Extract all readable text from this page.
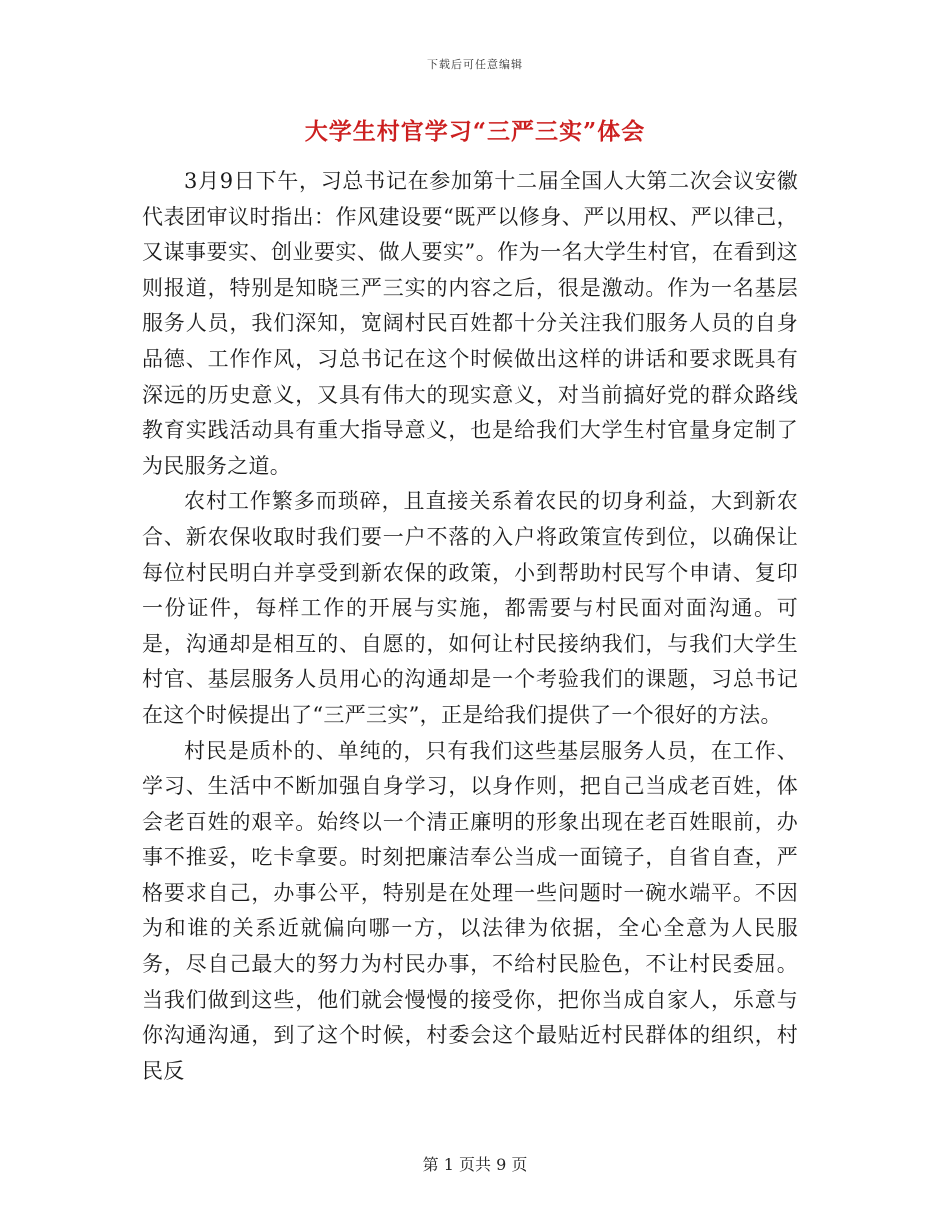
下载后可任意编辑
大学生村官学习“三严三实”体会

3月9日下午，习总书记在参加第十二届全国人大第二次会议安徽代表团审议时指出：作风建设要“既严以修身、严以用权、严以律己，又谋事要实、创业要实、做人要实”。作为一名大学生村官，在看到这则报道，特别是知晓三严三实的内容之后，很是激动。作为一名基层服务人员，我们深知，宽阔村民百姓都十分关注我们服务人员的自身品德、工作作风，习总书记在这个时候做出这样的讲话和要求既具有深远的历史意义，又具有伟大的现实意义，对当前搞好党的群众路线教育实践活动具有重大指导意义，也是给我们大学生村官量身定制了为民服务之道。

农村工作繁多而琐碎，且直接关系着农民的切身利益，大到新农合、新农保收取时我们要一户不落的入户将政策宣传到位，以确保让每位村民明白并享受到新农保的政策，小到帮助村民写个申请、复印一份证件，每样工作的开展与实施，都需要与村民面对面沟通。可是，沟通却是相互的、自愿的，如何让村民接纳我们，与我们大学生村官、基层服务人员用心的沟通却是一个考验我们的课题，习总书记在这个时候提出了“三严三实”，正是给我们提供了一个很好的方法。

村民是质朴的、单纯的，只有我们这些基层服务人员，在工作、学习、生活中不断加强自身学习，以身作则，把自己当成老百姓，体会老百姓的艰辛。始终以一个清正廉明的形象出现在老百姓眼前，办事不推妥，吃卡拿要。时刻把廉洁奉公当成一面镜子，自省自查，严格要求自己，办事公平，特别是在处理一些问题时一碗水端平。不因为和谁的关系近就偏向哪一方，以法律为依据，全心全意为人民服务，尽自己最大的努力为村民办事，不给村民脸色，不让村民委屈。当我们做到这些，他们就会慢慢的接受你，把你当成自家人，乐意与你沟通沟通，到了这个时候，村委会这个最贴近村民群体的组织，村民反

第 1 页共 9 页
